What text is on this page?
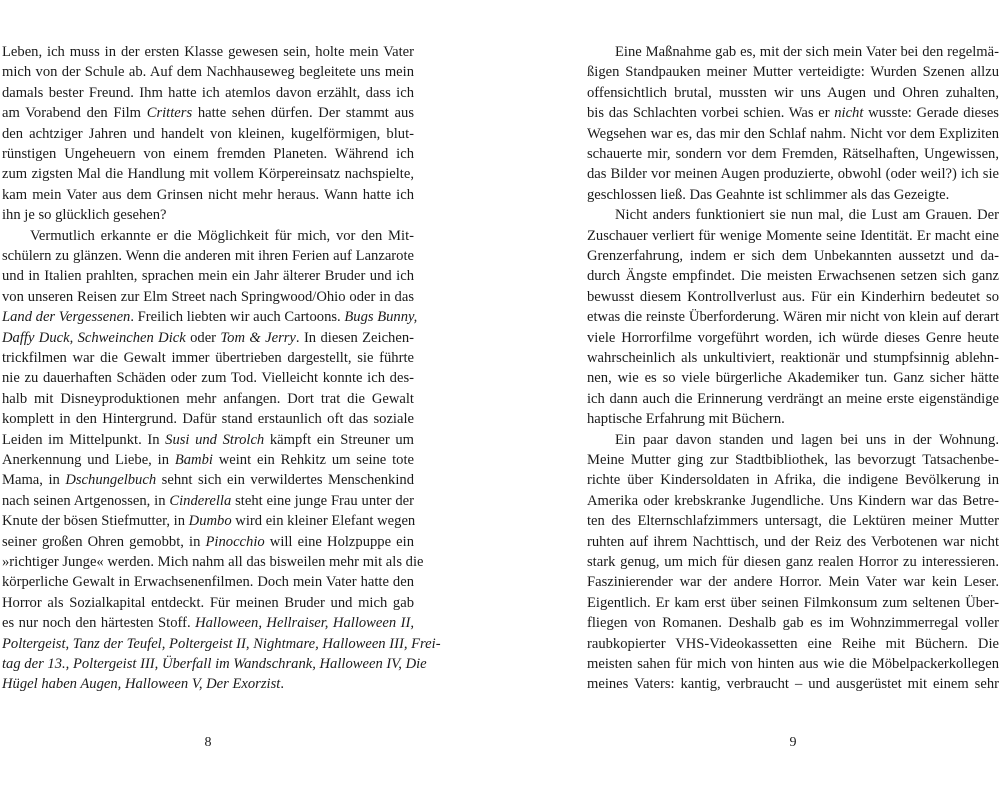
Leben, ich muss in der ersten Klasse gewesen sein, holte mein Vater
mich von der Schule ab. Auf dem Nachhauseweg begleitete uns mein
damals bester Freund. Ihm hatte ich atemlos davon erzählt, dass ich
am Vorabend den Film Critters hatte sehen dürfen. Der stammt aus
den achtziger Jahren und handelt von kleinen, kugelförmigen, blut-
rünstigen Ungeheuern von einem fremden Planeten. Während ich
zum zigsten Mal die Handlung mit vollem Körpereinsatz nachspielte,
kam mein Vater aus dem Grinsen nicht mehr heraus. Wann hatte ich
ihn je so glücklich gesehen?
Vermutlich erkannte er die Möglichkeit für mich, vor den Mit-
schülern zu glänzen. Wenn die anderen mit ihren Ferien auf Lanzarote
und in Italien prahlten, sprachen mein ein Jahr älterer Bruder und ich
von unseren Reisen zur Elm Street nach Springwood/Ohio oder in das
Land der Vergessenen. Freilich liebten wir auch Cartoons. Bugs Bunny,
Daffy Duck, Schweinchen Dick oder Tom & Jerry. In diesen Zeichen-
trickfilmen war die Gewalt immer übertrieben dargestellt, sie führte
nie zu dauerhaften Schäden oder zum Tod. Vielleicht konnte ich des-
halb mit Disneyproduktionen mehr anfangen. Dort trat die Gewalt
komplett in den Hintergrund. Dafür stand erstaunlich oft das soziale
Leiden im Mittelpunkt. In Susi und Strolch kämpft ein Streuner um
Anerkennung und Liebe, in Bambi weint ein Rehkitz um seine tote
Mama, in Dschungelbuch sehnt sich ein verwildertes Menschenkind
nach seinen Artgenossen, in Cinderella steht eine junge Frau unter der
Knute der bösen Stiefmutter, in Dumbo wird ein kleiner Elefant wegen
seiner großen Ohren gemobbt, in Pinocchio will eine Holzpuppe ein
»richtiger Junge« werden. Mich nahm all das bisweilen mehr mit als die
körperliche Gewalt in Erwachsenenfilmen. Doch mein Vater hatte den
Horror als Sozialkapital entdeckt. Für meinen Bruder und mich gab
es nur noch den härtesten Stoff. Halloween, Hellraiser, Halloween II,
Poltergeist, Tanz der Teufel, Poltergeist II, Nightmare, Halloween III, Frei-
tag der 13., Poltergeist III, Überfall im Wandschrank, Halloween IV, Die
Hügel haben Augen, Halloween V, Der Exorzist.
8
Eine Maßnahme gab es, mit der sich mein Vater bei den regelmä-
ßigen Standpauken meiner Mutter verteidigte: Wurden Szenen allzu
offensichtlich brutal, mussten wir uns Augen und Ohren zuhalten,
bis das Schlachten vorbei schien. Was er nicht wusste: Gerade dieses
Wegsehen war es, das mir den Schlaf nahm. Nicht vor dem Expliziten
schauerte mir, sondern vor dem Fremden, Rätselhaften, Ungewissen,
das Bilder vor meinen Augen produzierte, obwohl (oder weil?) ich sie
geschlossen ließ. Das Geahnte ist schlimmer als das Gezeigte.
Nicht anders funktioniert sie nun mal, die Lust am Grauen. Der
Zuschauer verliert für wenige Momente seine Identität. Er macht eine
Grenzerfahrung, indem er sich dem Unbekannten aussetzt und da-
durch Ängste empfindet. Die meisten Erwachsenen setzen sich ganz
bewusst diesem Kontrollverlust aus. Für ein Kinderhirn bedeutet so
etwas die reinste Überforderung. Wären mir nicht von klein auf derart
viele Horrorfilme vorgeführt worden, ich würde dieses Genre heute
wahrscheinlich als unkultiviert, reaktionär und stumpfsinnig ablehn-
nen, wie es so viele bürgerliche Akademiker tun. Ganz sicher hätte
ich dann auch die Erinnerung verdrängt an meine erste eigenständige
haptische Erfahrung mit Büchern.
Ein paar davon standen und lagen bei uns in der Wohnung.
Meine Mutter ging zur Stadtbibliothek, las bevorzugt Tatsachenbe-
richte über Kindersoldaten in Afrika, die indigene Bevölkerung in
Amerika oder krebskranke Jugendliche. Uns Kindern war das Betre-
ten des Elternschlafzimmers untersagt, die Lektüren meiner Mutter
ruhten auf ihrem Nachttisch, und der Reiz des Verbotenen war nicht
stark genug, um mich für diesen ganz realen Horror zu interessieren.
Faszinierender war der andere Horror. Mein Vater war kein Leser.
Eigentlich. Er kam erst über seinen Filmkonsum zum seltenen Über-
fliegen von Romanen. Deshalb gab es im Wohnzimmerregal voller
raubkopierter VHS-Videokassetten eine Reihe mit Büchern. Die
meisten sahen für mich von hinten aus wie die Möbelpackerkollegen
meines Vaters: kantig, verbraucht – und ausgerüstet mit einem sehr
9
